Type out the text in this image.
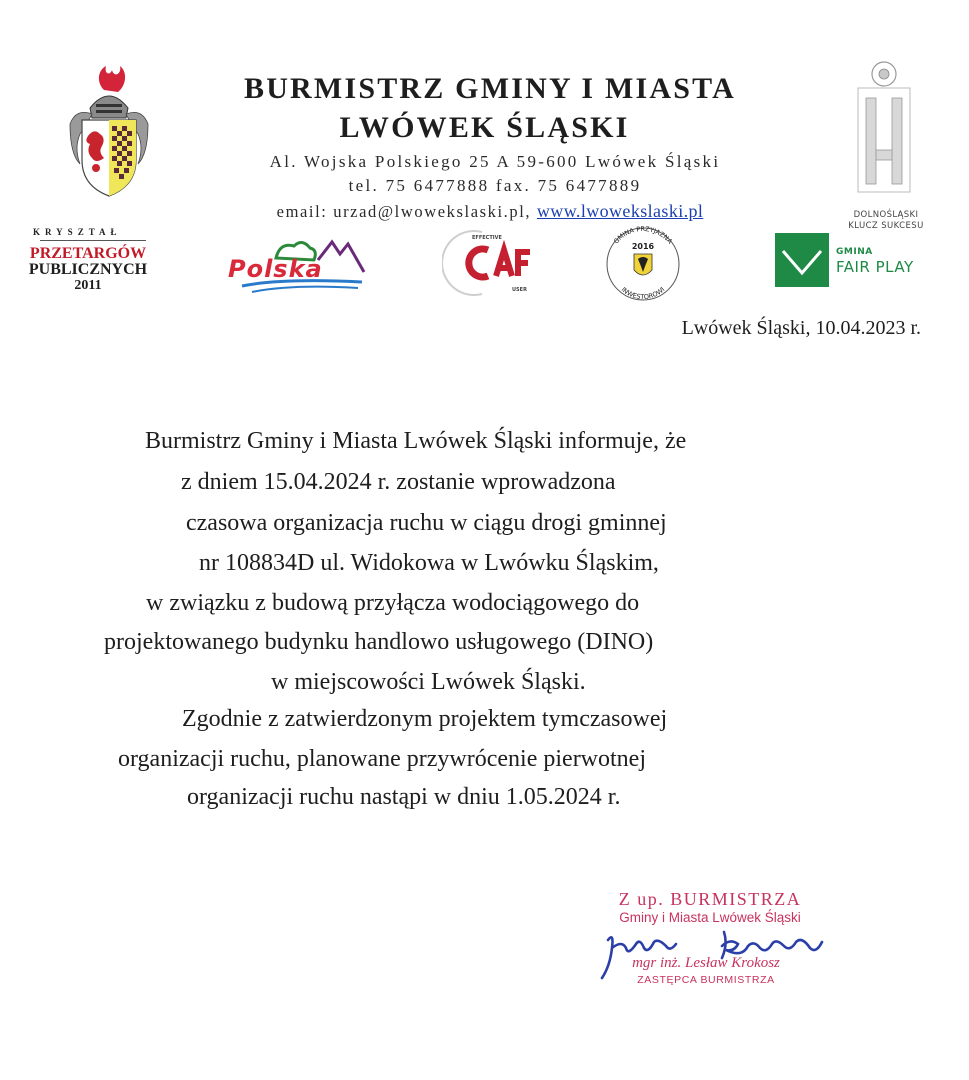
DOLNOŚLĄSKI
KLUCZ SUKCESU
BURMISTRZ GMINY I MIASTA
LWÓWEK ŚLĄSKI
Al. Wojska Polskiego 25 A 59-600 Lwówek Śląski
tel. 75 6477888 fax. 75 6477889
email: urzad@lwowekslaski.pl, www.lwowekslaski.pl
KRYSZTAŁ
PRZETARGÓW
PUBLICZNYCH
2011
Polska
EFFECTIVE
USER
GMINA PRZYJAZNA
INWESTOROWI
2016
GMINA
FAIR PLAY
Lwówek Śląski, 10.04.2023 r.

Burmistrz Gminy i Miasta Lwówek Śląski informuje, że

z dniem 15.04.2024 r. zostanie wprowadzona

czasowa organizacja ruchu w ciągu drogi gminnej

nr 108834D ul. Widokowa w Lwówku Śląskim,

w związku z budową przyłącza wodociągowego do

projektowanego budynku handlowo usługowego (DINO)

w miejscowości Lwówek Śląski.

Zgodnie z zatwierdzonym projektem tymczasowej

organizacji ruchu, planowane przywrócenie pierwotnej

organizacji ruchu nastąpi w dniu 1.05.2024 r.

Z up. BURMISTRZA
Gminy i Miasta Lwówek Śląski
mgr inż. Lesław Krokosz
ZASTĘPCA BURMISTRZA
